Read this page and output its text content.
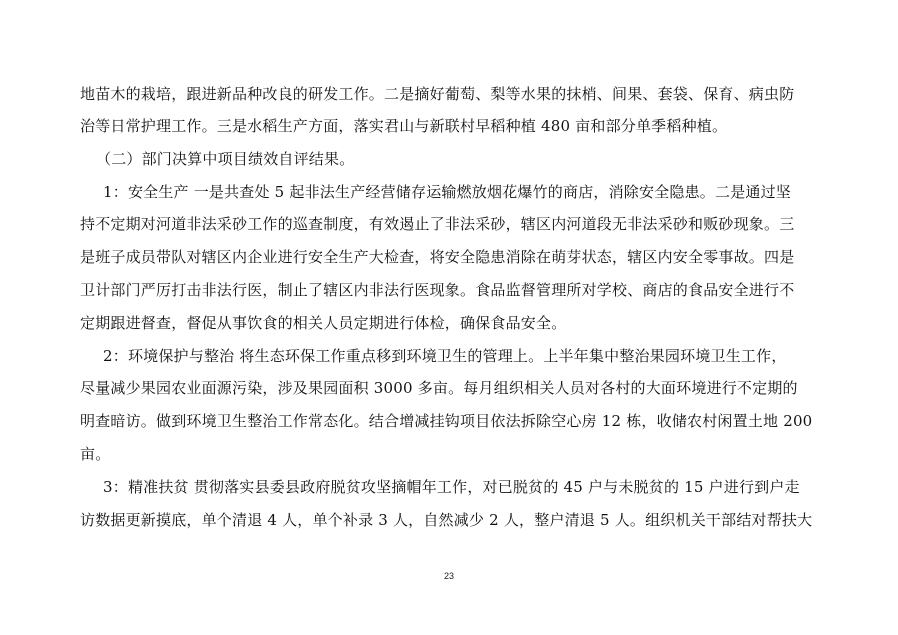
地苗木的栽培，跟进新品种改良的研发工作。二是摘好葡萄、梨等水果的抹梢、间果、套袋、保育、病虫防
治等日常护理工作。三是水稻生产方面，落实君山与新联村早稻种植 480 亩和部分单季稻种植。
（二）部门决算中项目绩效自评结果。
1：安全生产 一是共查处 5 起非法生产经营储存运输燃放烟花爆竹的商店，消除安全隐患。二是通过坚
持不定期对河道非法采砂工作的巡查制度，有效遏止了非法采砂，辖区内河道段无非法采砂和贩砂现象。三
是班子成员带队对辖区内企业进行安全生产大检查，将安全隐患消除在萌芽状态，辖区内安全零事故。四是
卫计部门严厉打击非法行医，制止了辖区内非法行医现象。食品监督管理所对学校、商店的食品安全进行不
定期跟进督查，督促从事饮食的相关人员定期进行体检，确保食品安全。
2：环境保护与整治 将生态环保工作重点移到环境卫生的管理上。上半年集中整治果园环境卫生工作，
尽量减少果园农业面源污染，涉及果园面积 3000 多亩。每月组织相关人员对各村的大面环境进行不定期的
明查暗访。做到环境卫生整治工作常态化。结合增减挂钩项目依法拆除空心房 12 栋，收储农村闲置土地 200
亩。
3：精准扶贫 贯彻落实县委县政府脱贫攻坚摘帽年工作，对已脱贫的 45 户与未脱贫的 15 户进行到户走
访数据更新摸底，单个清退 4 人，单个补录 3 人，自然减少 2 人，整户清退 5 人。组织机关干部结对帮扶大
23
